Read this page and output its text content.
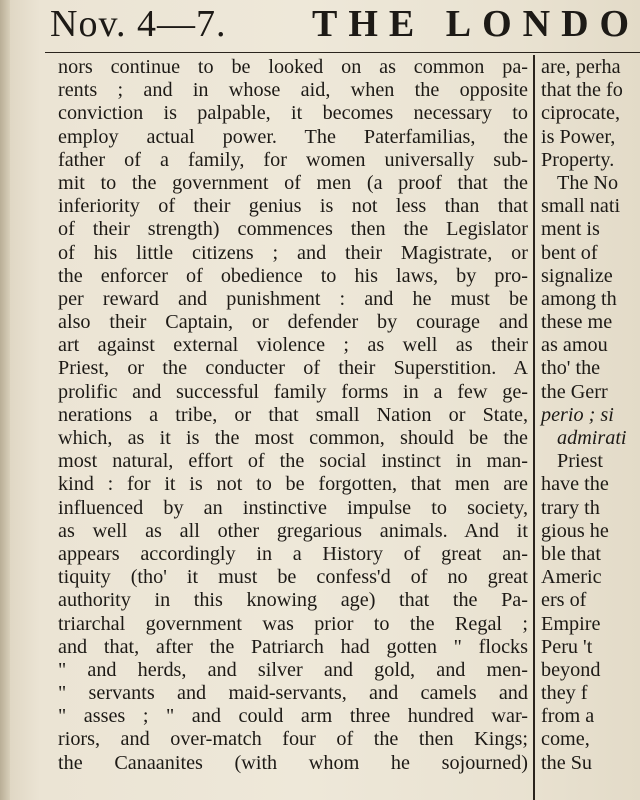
Nov. 4—7. THE LONDO
nors continue to be looked on as common pa-
rents ; and in whose aid, when the opposite
conviction is palpable, it becomes necessary to
employ actual power. The Paterfamilias, the
father of a family, for women universally sub-
mit to the government of men (a proof that the
inferiority of their genius is not less than that
of their strength) commences then the Legislator
of his little citizens ; and their Magistrate, or
the enforcer of obedience to his laws, by pro-
per reward and punishment : and he must be
also their Captain, or defender by courage and
art against external violence ; as well as their
Priest, or the conducter of their Superstition. A
prolific and successful family forms in a few ge-
nerations a tribe, or that small Nation or State,
which, as it is the most common, should be the
most natural, effort of the social instinct in man-
kind : for it is not to be forgotten, that men are
influenced by an instinctive impulse to society,
as well as all other gregarious animals. And it
appears accordingly in a History of great an-
tiquity (tho' it must be confess'd of no great
authority in this knowing age) that the Pa-
triarchal government was prior to the Regal ;
and that, after the Patriarch had gotten " flocks
" and herds, and silver and gold, and men-
" servants and maid-servants, and camels and
" asses ; " and could arm three hundred war-
riors, and over-match four of the then Kings;
the Canaanites (with whom he sojourned)
are, perha
that the fo
ciprocate,
is Power,
Property.
The No
small nati
ment is
bent of
signalize
among th
these me
as amou
tho' the
the Gerr
perio ; si
admirati
Priest
have the
trary th
gious he
ble that
Americ
ers of
Empire
Peru 't
beyond
they f
from a
come,
the Su
